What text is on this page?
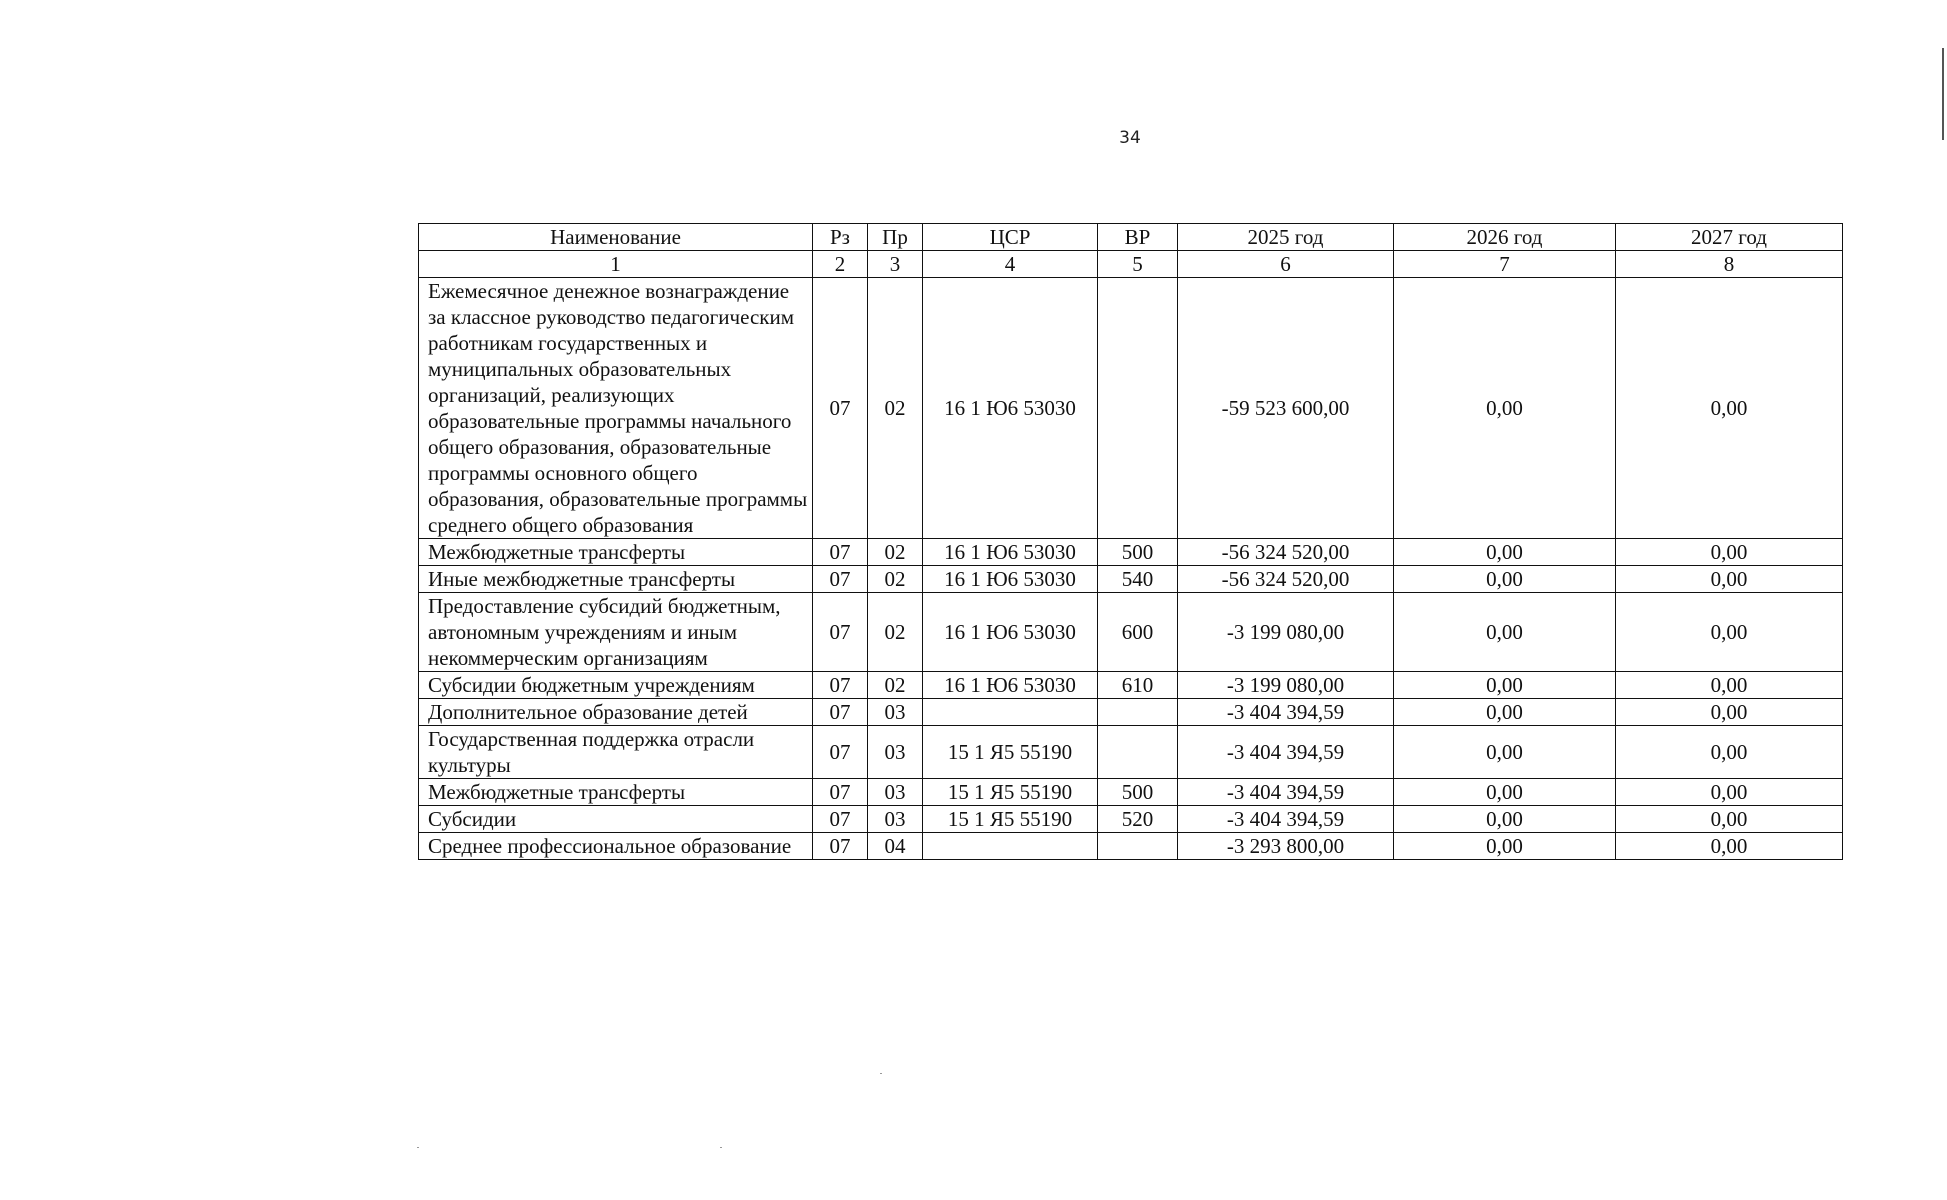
34
Наименование	Рз	Пр	ЦСР	ВР	2025 год	2026 год	2027 год
1	2	3	4	5	6	7	8
Ежемесячное денежное вознаграждение за классное руководство педагогическим работникам государственных и муниципальных образовательных организаций, реализующих образовательные программы начального общего образования, образовательные программы основного общего образования, образовательные программы среднего общего образования	07	02	16 1 Ю6 53030		-59 523 600,00	0,00	0,00
Межбюджетные трансферты	07	02	16 1 Ю6 53030	500	-56 324 520,00	0,00	0,00
Иные межбюджетные трансферты	07	02	16 1 Ю6 53030	540	-56 324 520,00	0,00	0,00
Предоставление субсидий бюджетным, автономным учреждениям и иным некоммерческим организациям	07	02	16 1 Ю6 53030	600	-3 199 080,00	0,00	0,00
Субсидии бюджетным учреждениям	07	02	16 1 Ю6 53030	610	-3 199 080,00	0,00	0,00
Дополнительное образование детей	07	03			-3 404 394,59	0,00	0,00
Государственная поддержка отрасли культуры	07	03	15 1 Я5 55190		-3 404 394,59	0,00	0,00
Межбюджетные трансферты	07	03	15 1 Я5 55190	500	-3 404 394,59	0,00	0,00
Субсидии	07	03	15 1 Я5 55190	520	-3 404 394,59	0,00	0,00
Среднее профессиональное образование	07	04			-3 293 800,00	0,00	0,00
